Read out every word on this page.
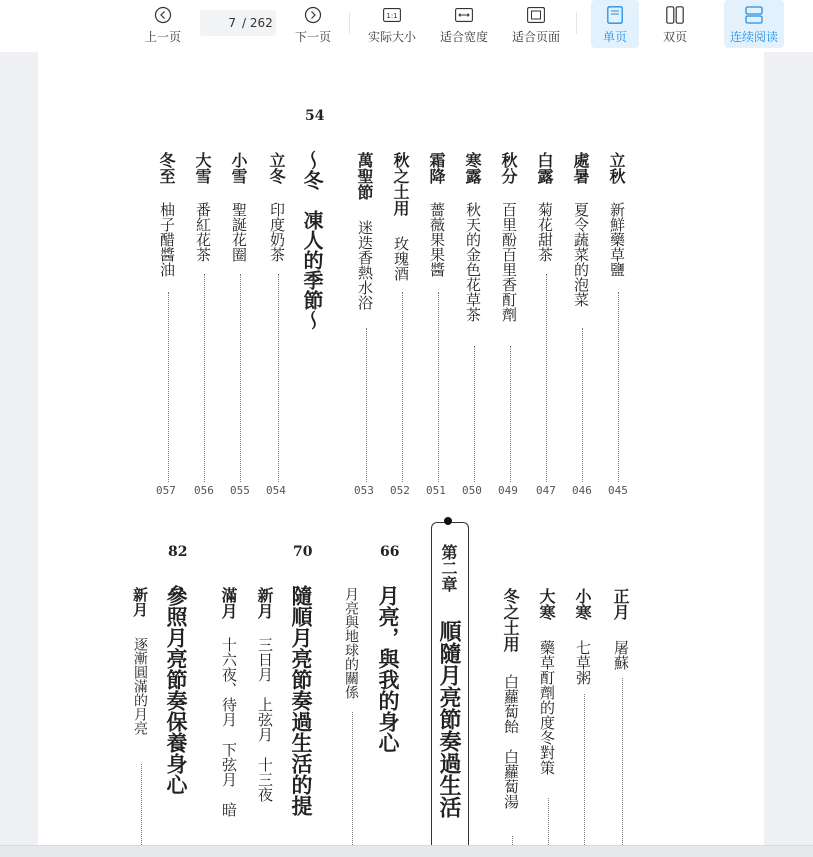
上一页
7
/ 262
下一页
1:1
实际大小 适合宽度 适合页面	单页	双页	连续阅读
立秋
新鮮藥草鹽
045
處暑
夏令蔬菜的泡菜
046
白露
菊花甜茶
047
秋分
百里酚百里香酊劑
049
寒露
秋天的金色花草茶
050
霜降
薔薇果果醬
051
秋之土用
玫瑰酒
052
萬聖節
迷迭香熱水浴
053
54
～冬　凍人的季節～
立冬
印度奶茶
054
小雪
聖誕花圈
055
大雪
番紅花茶
056
冬至
柚子醋醬油
057
正月
屠蘇
小寒
七草粥
大寒
藥草酊劑的度冬對策
冬之土用
白蘿蔔飴　白蘿蔔湯
第二章
順隨月亮節奏過生活
66
月亮，與我的身心
月亮與地球的關係
70
隨順月亮節奏過生活的提
新月
三日月　上弦月　十三夜
滿月
十六夜、待月　下弦月　暗
82
參照月亮節奏保養身心
新月
逐漸圓滿的月亮
